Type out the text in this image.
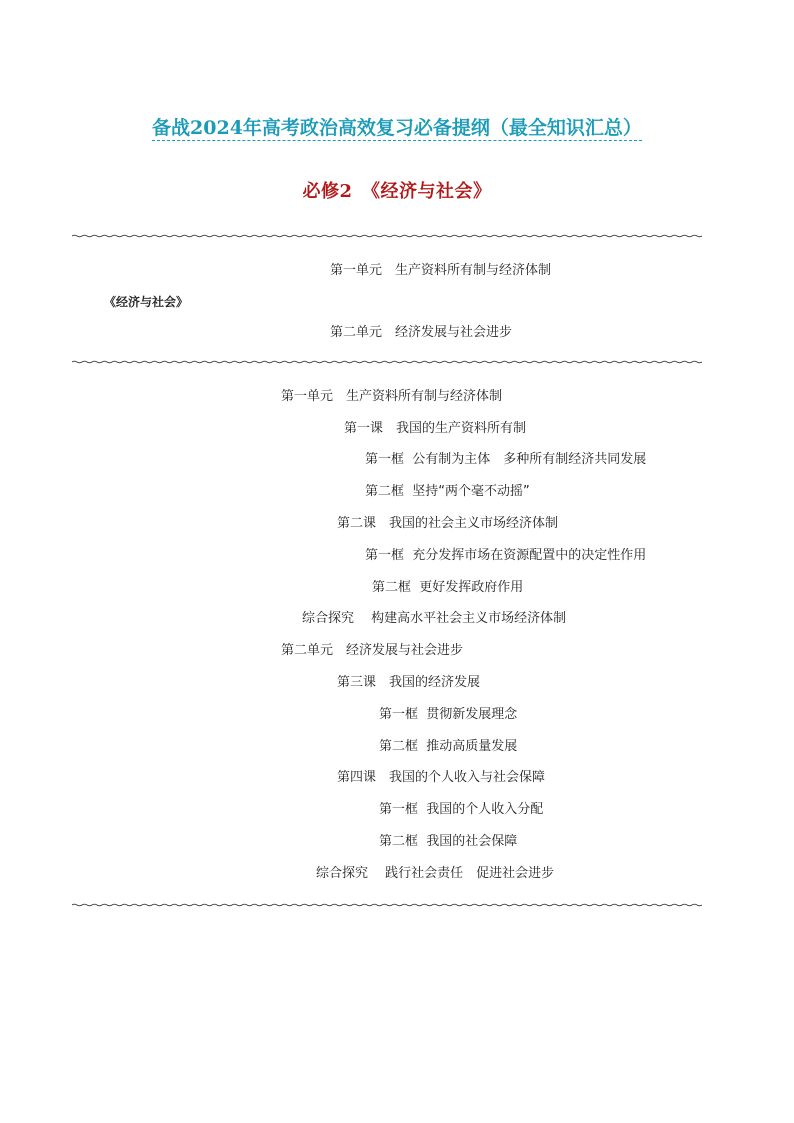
备战2024年高考政治高效复习必备提纲（最全知识汇总）
必修2　《经济与社会》
第一单元　生产资料所有制与经济体制
《经济与社会》
第二单元　经济发展与社会进步
第一单元　生产资料所有制与经济体制
第一课　我国的生产资料所有制
第一框  公有制为主体　多种所有制经济共同发展
第二框  坚持“两个毫不动摇”
第二课　我国的社会主义市场经济体制
第一框  充分发挥市场在资源配置中的决定性作用
第二框  更好发挥政府作用
综合探究　 构建高水平社会主义市场经济体制
第二单元　经济发展与社会进步
第三课　我国的经济发展
第一框  贯彻新发展理念
第二框  推动高质量发展
第四课　我国的个人收入与社会保障
第一框  我国的个人收入分配
第二框  我国的社会保障
综合探究　 践行社会责任　促进社会进步
